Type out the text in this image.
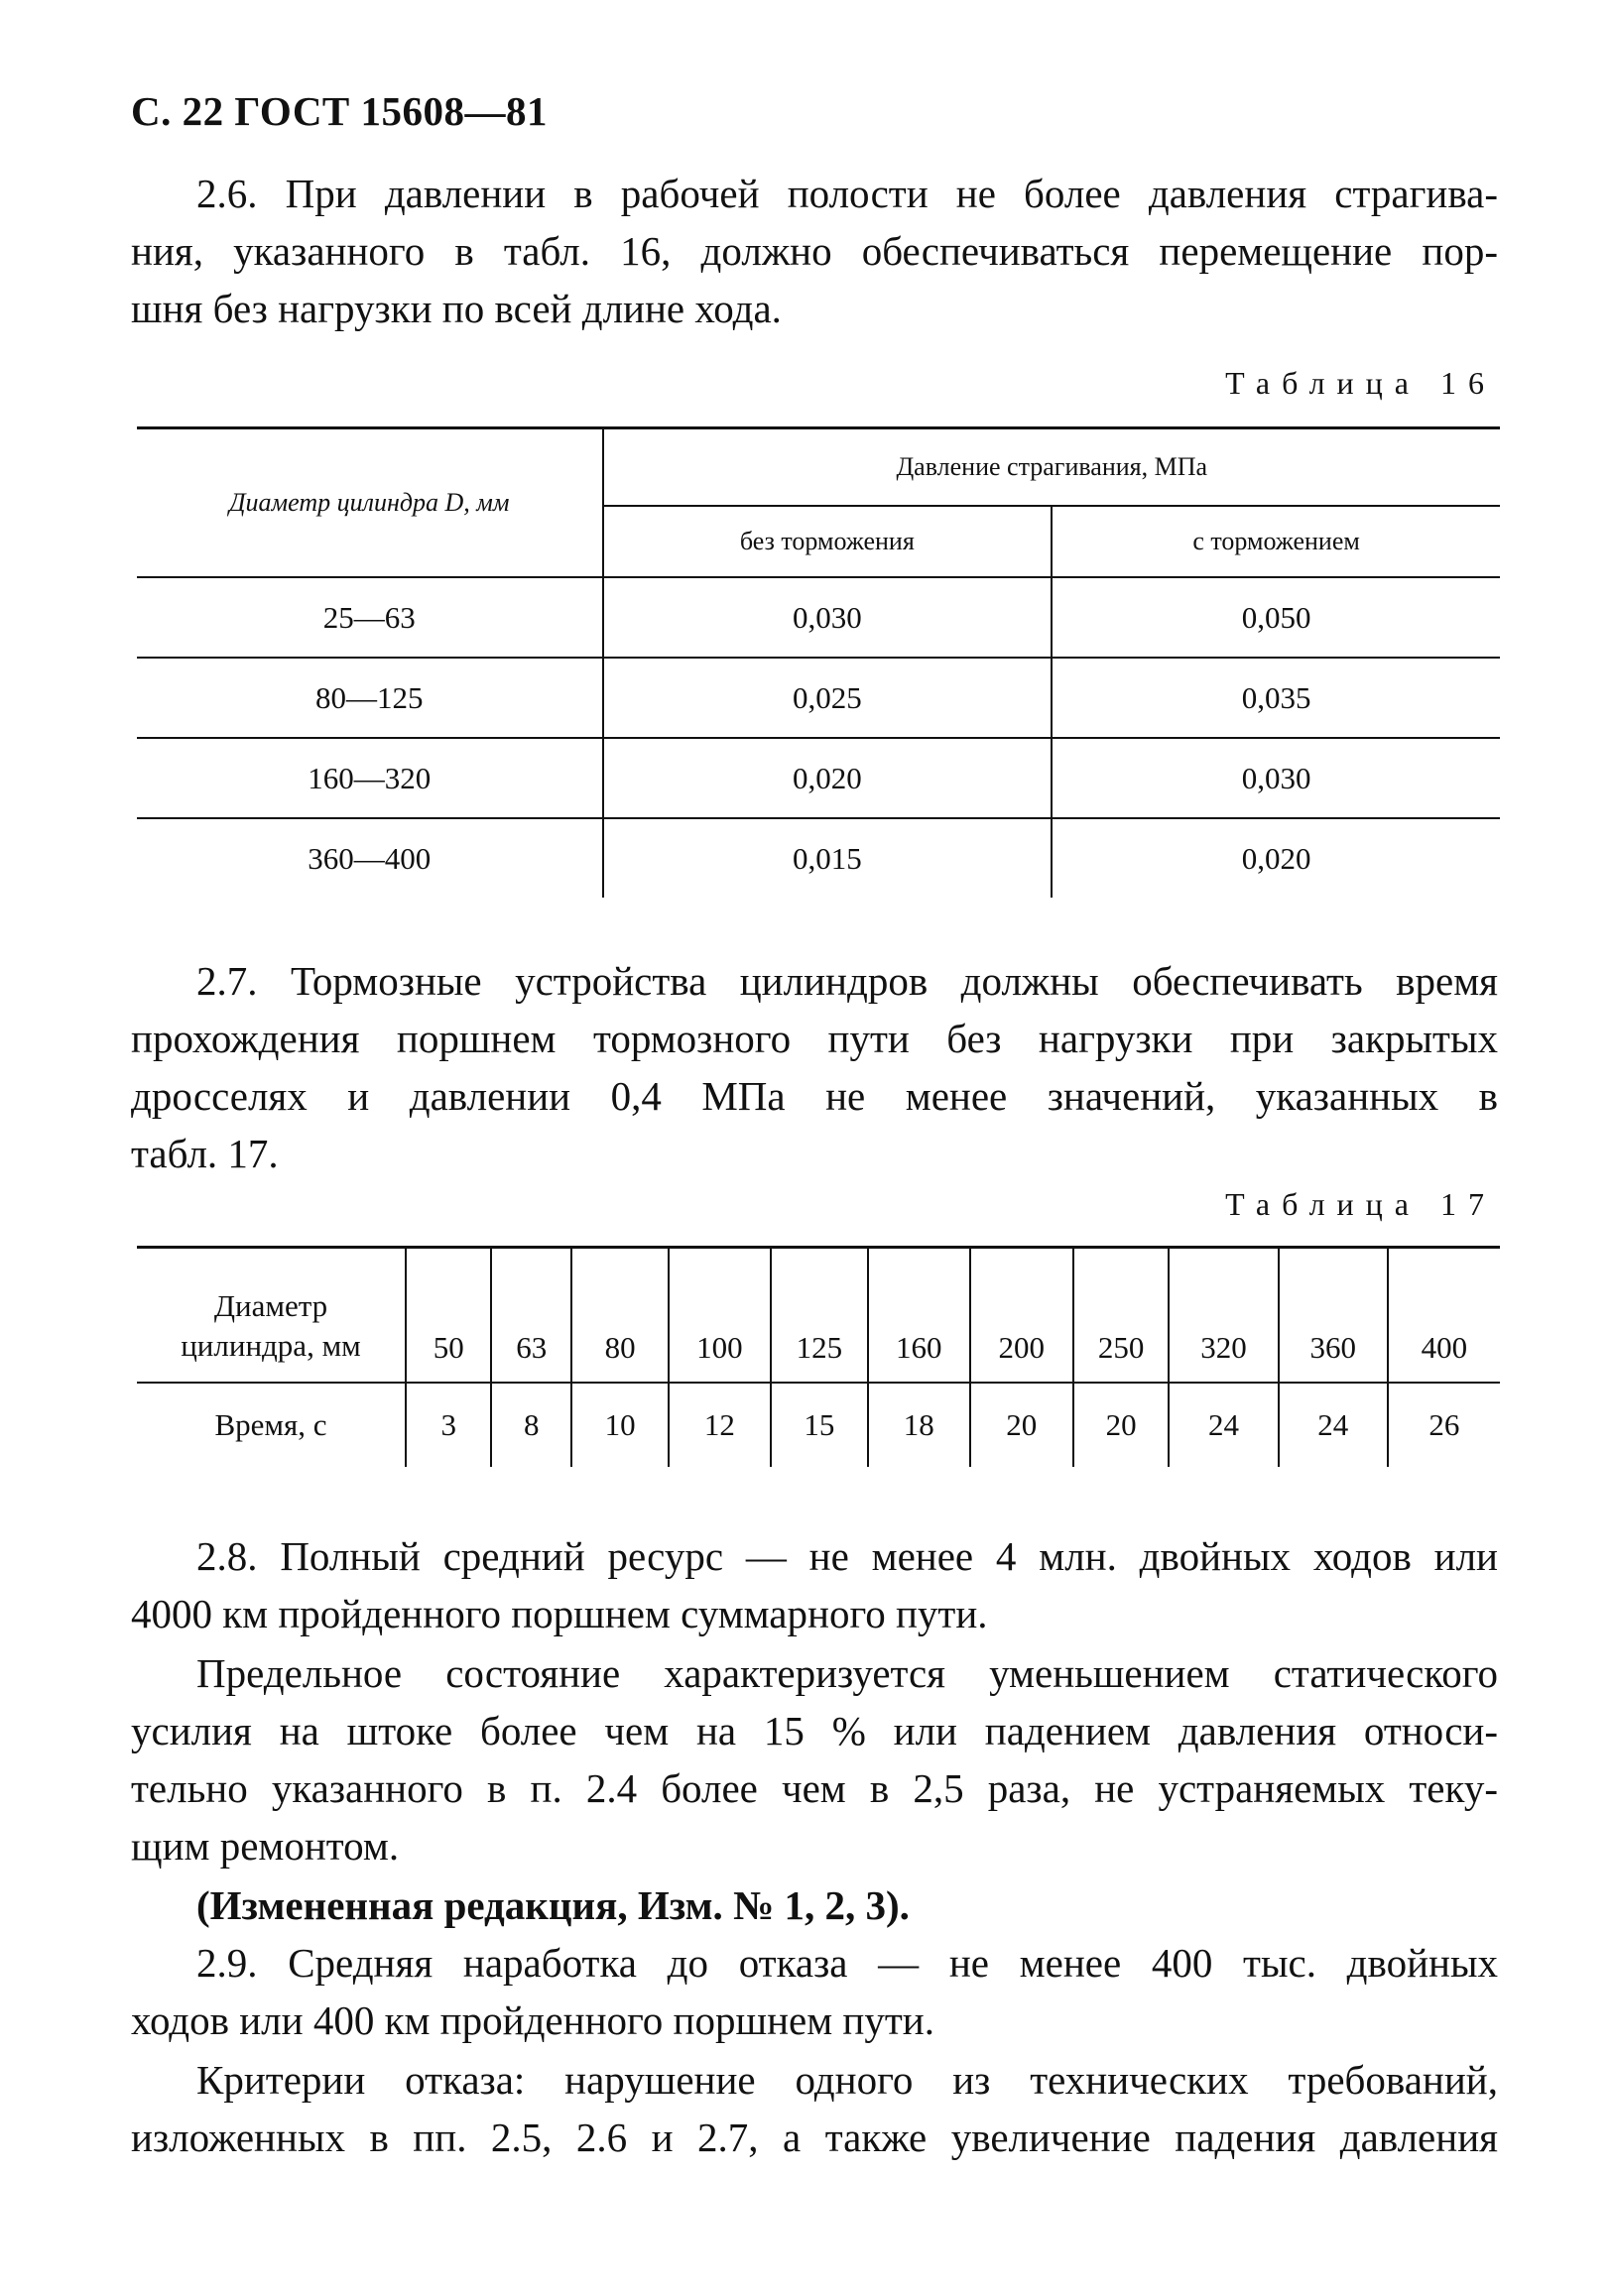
С. 22 ГОСТ 15608—81
2.6. При давлении в рабочей полости не более давления страгива-
ния, указанного в табл. 16, должно обеспечиваться перемещение пор-
шня без нагрузки по всей длине хода.
Таблица 16
Диаметр цилиндра D, мм	Давление страгивания, МПа	
	без торможения	с торможением
25—63	0,030	0,050
80—125	0,025	0,035
160—320	0,020	0,030
360—400	0,015	0,020
2.7. Тормозные устройства цилиндров должны обеспечивать время
прохождения поршнем тормозного пути без нагрузки при закрытых
дросселях и давлении 0,4 МПа не менее значений, указанных в
табл. 17.
Таблица 17
Диаметр
цилиндра, мм	50	63	80	100	125	160	200	250	320	360	400
Время, с	3	8	10	12	15	18	20	20	24	24	26
2.8. Полный средний ресурс — не менее 4 млн. двойных ходов или
4000 км пройденного поршнем суммарного пути.
Предельное состояние характеризуется уменьшением статического
усилия на штоке более чем на 15 % или падением давления относи-
тельно указанного в п. 2.4 более чем в 2,5 раза, не устраняемых теку-
щим ремонтом.
(Измененная редакция, Изм. № 1, 2, 3).
2.9. Средняя наработка до отказа — не менее 400 тыс. двойных
ходов или 400 км пройденного поршнем пути.
Критерии отказа: нарушение одного из технических требований,
изложенных в пп. 2.5, 2.6 и 2.7, а также увеличение падения давления
